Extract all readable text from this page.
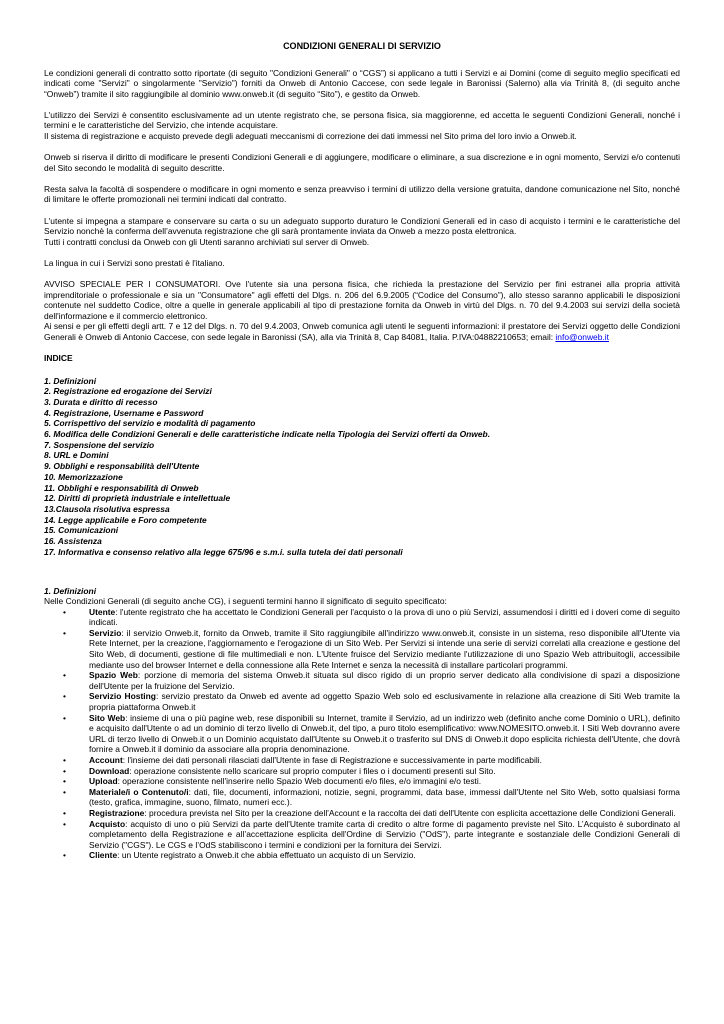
CONDIZIONI GENERALI DI SERVIZIO

Le condizioni generali di contratto sotto riportate (di seguito "Condizioni Generali" o “CGS”) si applicano a tutti i Servizi e ai Domini (come di seguito meglio specificati ed indicati come "Servizi" o singolarmente "Servizio") forniti da Onweb di Antonio Caccese, con sede legale in Baronissi (Salerno) alla via Trinità 8, (di seguito anche “Onweb”) tramite il sito raggiungibile al dominio www.onweb.it (di seguito “Sito”), e gestito da Onweb.

L'utilizzo dei Servizi è consentito esclusivamente ad un utente registrato che, se persona fisica, sia maggiorenne, ed accetta le seguenti Condizioni Generali, nonché i termini e le caratteristiche del Servizio, che intende acquistare.

Il sistema di registrazione e acquisto prevede degli adeguati meccanismi di correzione dei dati immessi nel Sito prima del loro invio a Onweb.it.

Onweb si riserva il diritto di modificare le presenti Condizioni Generali e di aggiungere, modificare o eliminare, a sua discrezione e in ogni momento, Servizi e/o contenuti del Sito secondo le modalità di seguito descritte.

Resta salva la facoltà di sospendere o modificare in ogni momento e senza preavviso i termini di utilizzo della versione gratuita, dandone comunicazione nel Sito, nonché di limitare le offerte promozionali nei termini indicati dal contratto.

L'utente si impegna a stampare e conservare su carta o su un adeguato supporto duraturo le Condizioni Generali ed in caso di acquisto i termini e le caratteristiche del Servizio nonchè la conferma dell’avvenuta registrazione che gli sarà prontamente inviata da Onweb a mezzo posta elettronica.

Tutti i contratti conclusi da Onweb con gli Utenti saranno archiviati sul server di Onweb.

La lingua in cui i Servizi sono prestati è l'italiano.

AVVISO SPECIALE PER I CONSUMATORI. Ove l'utente sia una persona fisica, che richieda la prestazione del Servizio per fini estranei alla propria attività imprenditoriale o professionale e sia un "Consumatore" agli effetti del Dlgs. n. 206 del 6.9.2005 (“Codice del Consumo”), allo stesso saranno applicabili le disposizioni contenute nel suddetto Codice, oltre a quelle in generale applicabili al tipo di prestazione fornita da Onweb in virtù del Dlgs. n. 70 del 9.4.2003 sui servizi della società dell'informazione e il commercio elettronico.

Ai sensi e per gli effetti degli artt. 7 e 12 del Dlgs. n. 70 del 9.4.2003, Onweb comunica agli utenti le seguenti informazioni: il prestatore dei Servizi oggetto delle Condizioni Generali è Onweb di Antonio Caccese, con sede legale in Baronissi (SA), alla via Trinità 8, Cap 84081, Italia. P.IVA:04882210653; email: info@onweb.it

INDICE
1. Definizioni
2. Registrazione ed erogazione dei Servizi
3. Durata e diritto di recesso
4. Registrazione, Username e Password
5. Corrispettivo del servizio e modalità di pagamento
6. Modifica delle Condizioni Generali e delle caratteristiche indicate nella Tipologia dei Servizi offerti da Onweb.
7. Sospensione del servizio
8. URL e Domini
9. Obblighi e responsabilità dell'Utente
10. Memorizzazione
11. Obblighi e responsabilità di Onweb
12. Diritti di proprietà industriale e intellettuale
13.Clausola risolutiva espressa
14. Legge applicabile e Foro competente
15. Comunicazioni
16. Assistenza
17. Informativa e consenso relativo alla legge 675/96 e s.m.i. sulla tutela dei dati personali
1. Definizioni
Nelle Condizioni Generali (di seguito anche CG), i seguenti termini hanno il significato di seguito specificato:
•	Utente: l'utente registrato che ha accettato le Condizioni Generali per l'acquisto o la prova di uno o più Servizi, assumendosi i diritti ed i doveri come di seguito indicati.
•	Servizio: il servizio Onweb.it, fornito da Onweb, tramite il Sito raggiungibile all'indirizzo www.onweb.it, consiste in un sistema, reso disponibile all'Utente via Rete Internet, per la creazione, l'aggiornamento e l'erogazione di un Sito Web. Per Servizi si intende una serie di servizi correlati alla creazione e gestione del Sito Web, di documenti, gestione di file multimediali e non. L'Utente fruisce del Servizio mediante l'utilizzazione di uno Spazio Web attribuitogli, accessibile mediante uso del browser Internet e della connessione alla Rete Internet e senza la necessità di installare particolari programmi.
•	Spazio Web: porzione di memoria del sistema Onweb.it situata sul disco rigido di un proprio server dedicato alla condivisione di spazi a disposizione dell'Utente per la fruizione del Servizio.
•	Servizio Hosting: servizio prestato da Onweb ed avente ad oggetto Spazio Web solo ed esclusivamente in relazione alla creazione di Siti Web tramite la propria piattaforma Onweb.it
•	Sito Web: insieme di una o più pagine web, rese disponibili su Internet, tramite il Servizio, ad un indirizzo web (definito anche come Dominio o URL), definito e acquisito dall'Utente o ad un dominio di terzo livello di Onweb.it, del tipo, a puro titolo esemplificativo: www.NOMESITO.onweb.it. I Siti Web dovranno avere URL di terzo livello di Onweb.it o un Dominio acquistato dall'Utente su Onweb.it o trasferito sul DNS di Onweb.it dopo esplicita richiesta dell'Utente, che dovrà fornire a Onweb.it il dominio da associare alla propria denominazione.
•	Account: l'insieme dei dati personali rilasciati dall'Utente in fase di Registrazione e successivamente in parte modificabili.
•	Download: operazione consistente nello scaricare sul proprio computer i files o i documenti presenti sul Sito.
•	Upload: operazione consistente nell'inserire nello Spazio Web documenti e/o files, e/o immagini e/o testi.
•	Materiale/i o Contenuto/i: dati, file, documenti, informazioni, notizie, segni, programmi, data base, immessi dall'Utente nel Sito Web, sotto qualsiasi forma (testo, grafica, immagine, suono, filmato, numeri ecc.).
•	Registrazione: procedura prevista nel Sito per la creazione dell'Account e la raccolta dei dati dell'Utente con esplicita accettazione delle Condizioni Generali.
•	Acquisto: acquisto di uno o più Servizi da parte dell'Utente tramite carta di credito o altre forme di pagamento previste nel Sito. L’Acquisto è subordinato al completamento della Registrazione e all’accettazione esplicita dell'Ordine di Servizio ("OdS"), parte integrante e sostanziale delle Condizioni Generali di Servizio ("CGS"). Le CGS e l’OdS stabiliscono i termini e condizioni per la fornitura dei Servizi.
•	Cliente: un Utente registrato a Onweb.it che abbia effettuato un acquisto di un Servizio.
